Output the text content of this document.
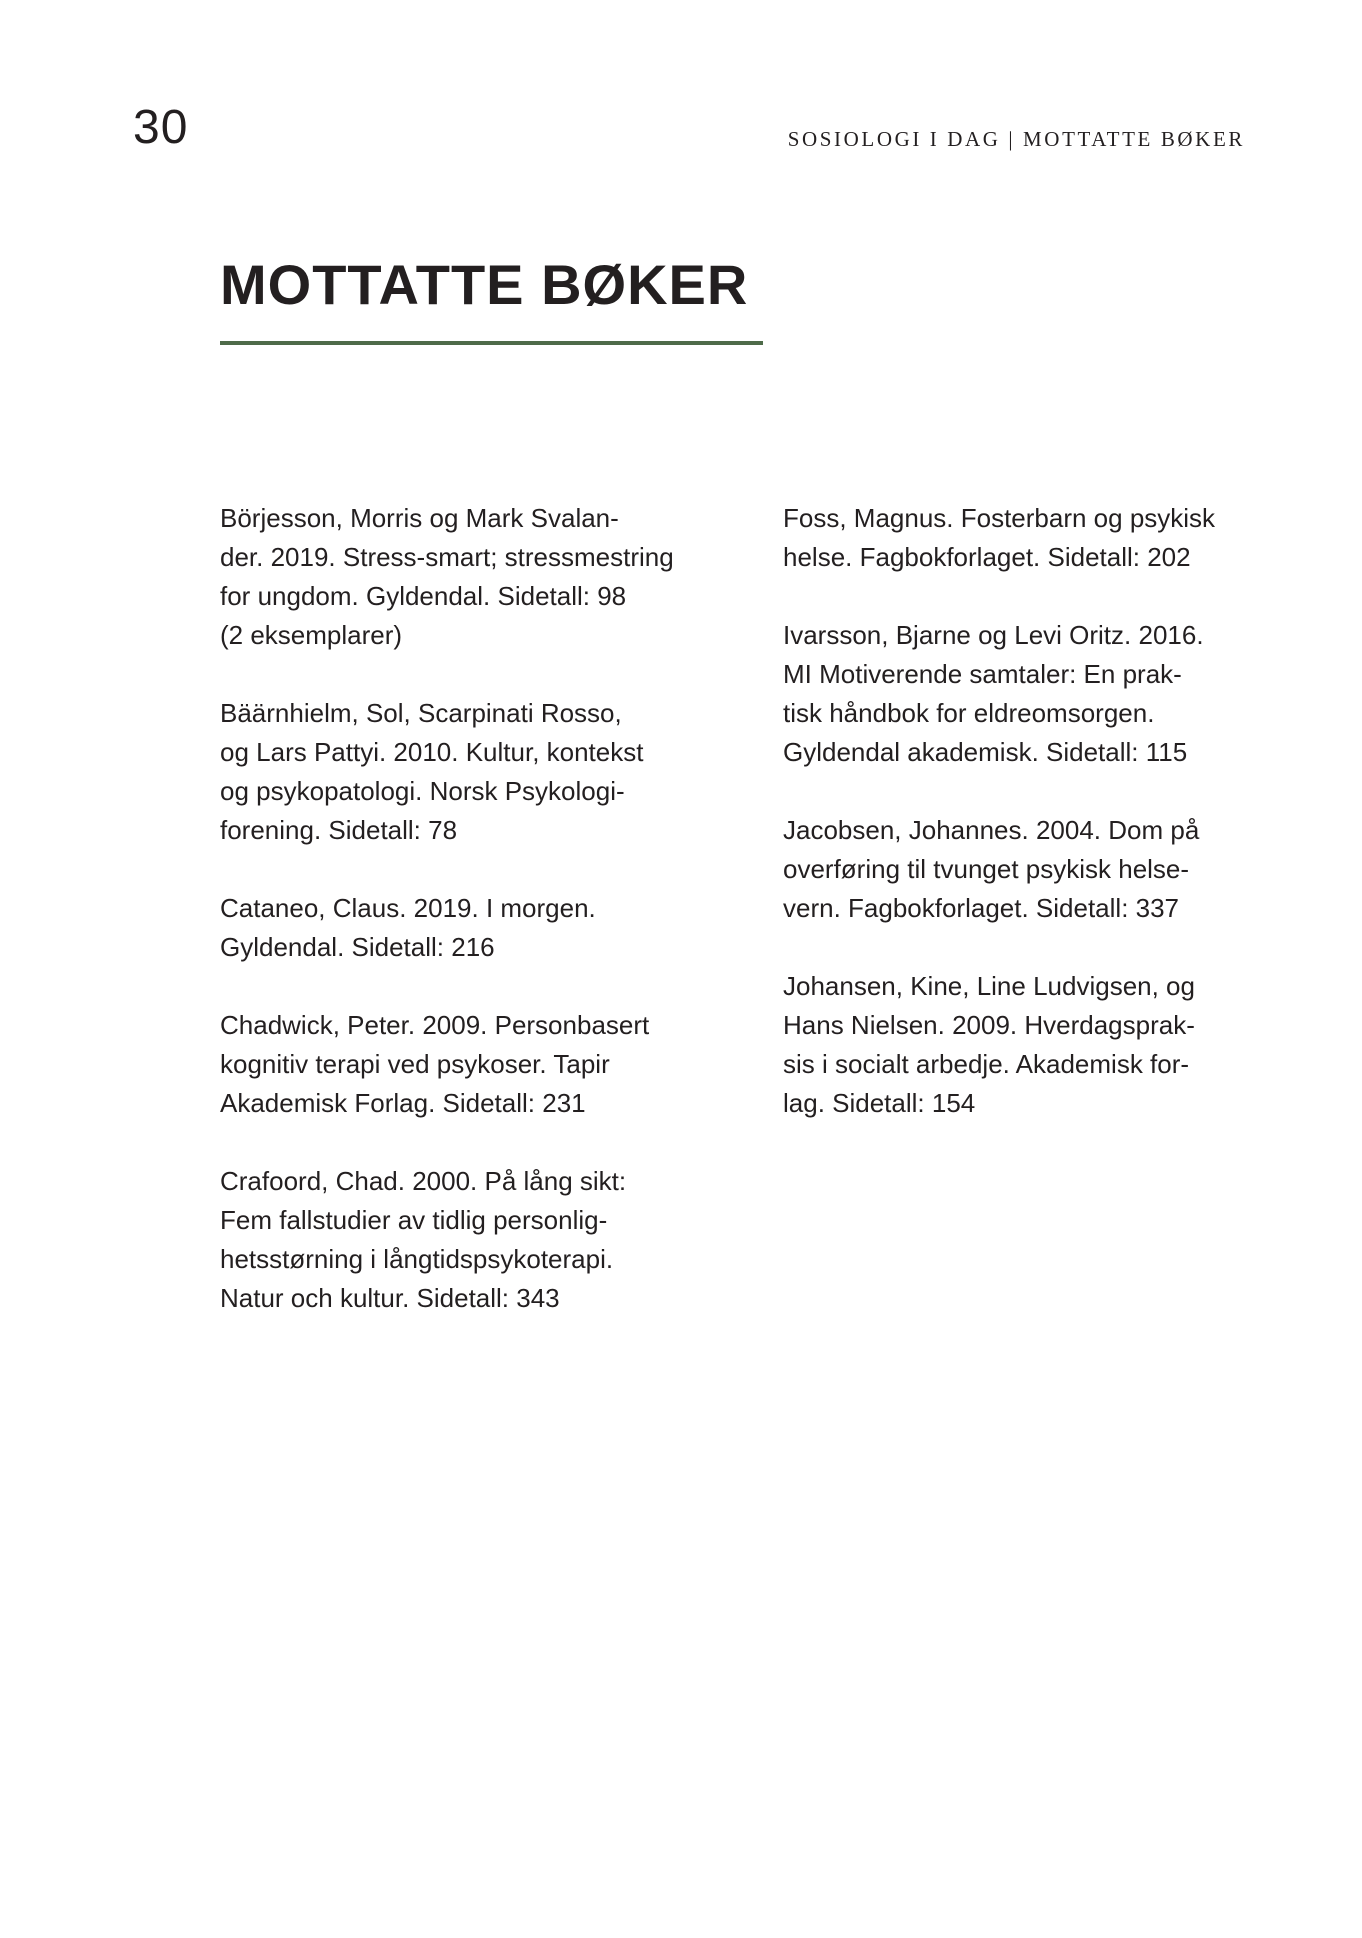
30	SOSIOLOGI I DAG | MOTTATTE BØKER
MOTTATTE BØKER

Börjesson, Morris og Mark Svalan-
der. 2019. Stress-smart; stressmestring
for ungdom. Gyldendal. Sidetall: 98
(2 eksemplarer)

Bäärnhielm, Sol, Scarpinati Rosso,
og Lars Pattyi. 2010. Kultur, kontekst
og psykopatologi. Norsk Psykologi-
forening. Sidetall: 78

Cataneo, Claus. 2019. I morgen.
Gyldendal. Sidetall: 216

Chadwick, Peter. 2009. Personbasert
kognitiv terapi ved psykoser. Tapir
Akademisk Forlag. Sidetall: 231

Crafoord, Chad. 2000. På lång sikt:
Fem fallstudier av tidlig personlig-
hetsstørning i långtidspsykoterapi.
Natur och kultur. Sidetall: 343

Foss, Magnus. Fosterbarn og psykisk
helse. Fagbokforlaget. Sidetall: 202

Ivarsson, Bjarne og Levi Oritz. 2016.
MI Motiverende samtaler: En prak-
tisk håndbok for eldreomsorgen.
Gyldendal akademisk. Sidetall: 115

Jacobsen, Johannes. 2004. Dom på
overføring til tvunget psykisk helse-
vern. Fagbokforlaget. Sidetall: 337

Johansen, Kine, Line Ludvigsen, og
Hans Nielsen. 2009. Hverdagsprak-
sis i socialt arbedje. Akademisk for-
lag. Sidetall: 154
